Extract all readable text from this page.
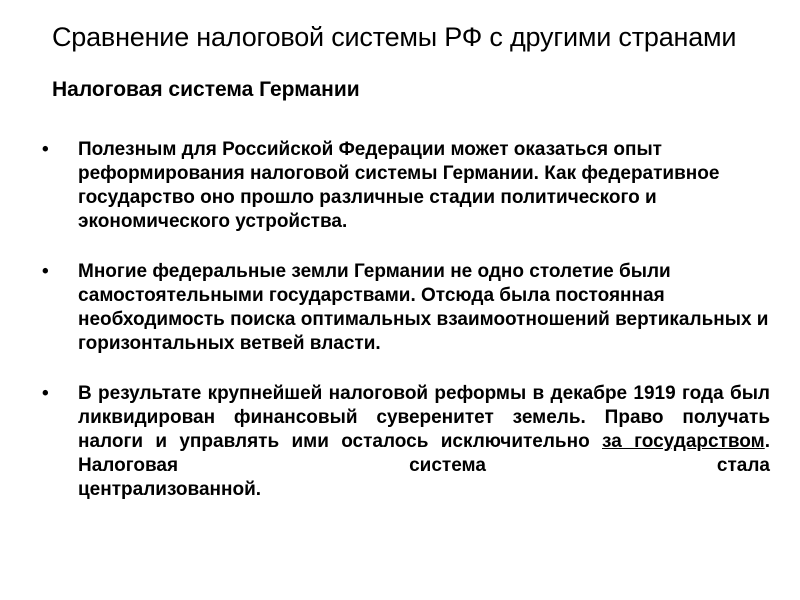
Сравнение налоговой системы РФ с другими странами
Налоговая система Германии
• Полезным для Российской Федерации может оказаться опыт реформирования налоговой системы Германии. Как федеративное государство оно прошло различные стадии политического и экономического устройства.
• Многие федеральные земли Германии не одно столетие были самостоятельными государствами. Отсюда была постоянная необходимость поиска оптимальных взаимоотношений вертикальных и горизонтальных ветвей власти.
• В результате крупнейшей налоговой реформы в декабре 1919 года был ликвидирован финансовый суверенитет земель. Право получать налоги и управлять ими осталось исключительно за государством. Налоговая система стала
централизованной.
